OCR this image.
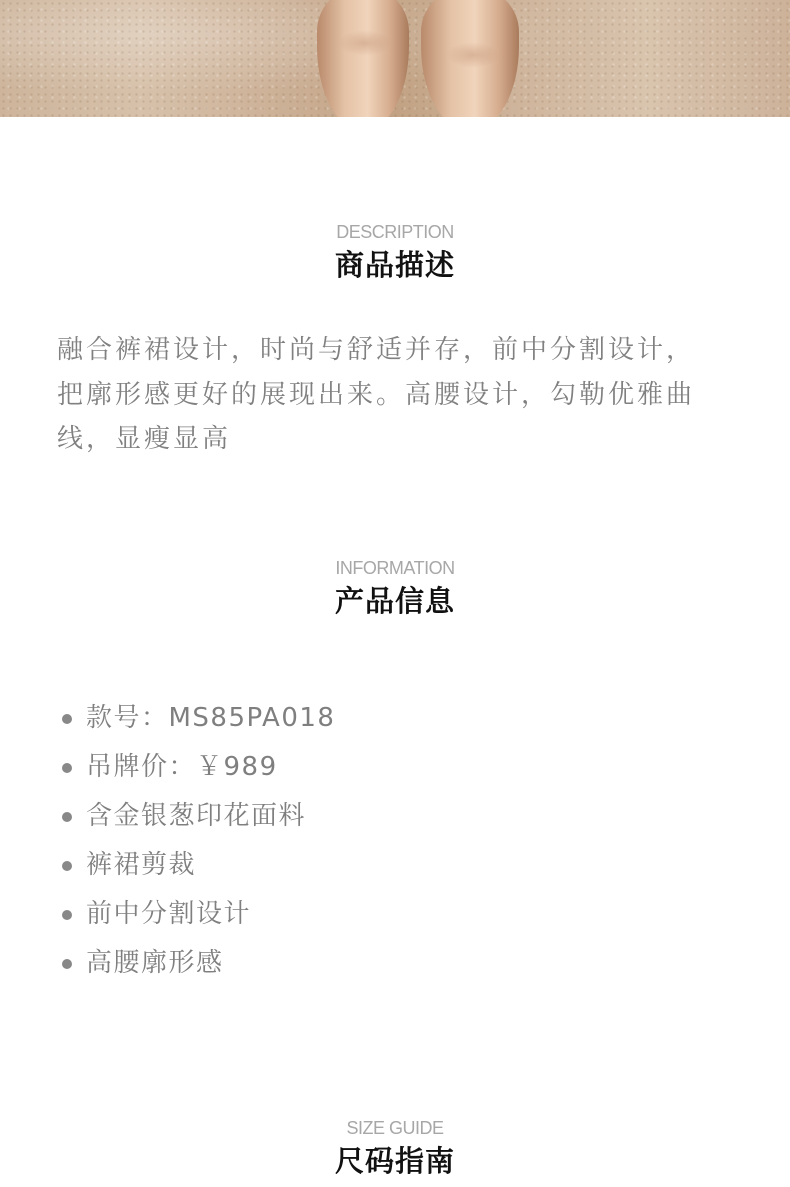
DESCRIPTION
商品描述
融合裤裙设计，时尚与舒适并存，前中分割设计，
把廓形感更好的展现出来。高腰设计，勾勒优雅曲
线，显瘦显高
INFORMATION
产品信息
款号：MS85PA018
吊牌价：￥989
含金银葱印花面料
裤裙剪裁
前中分割设计
高腰廓形感
SIZE GUIDE
尺码指南
